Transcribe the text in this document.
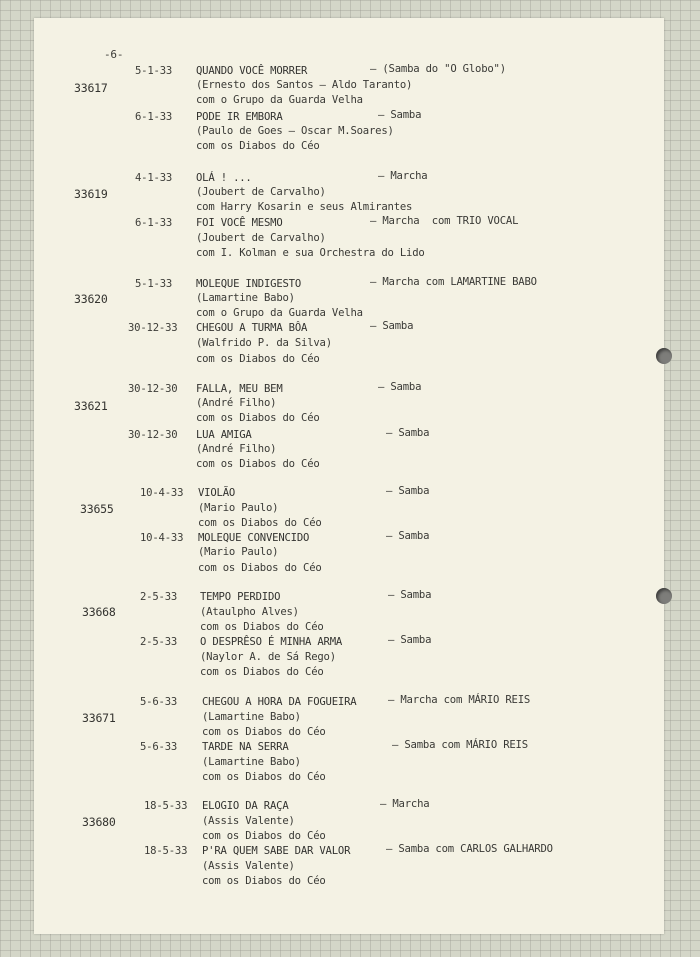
-6-
33617
5-1-33 QUANDO VOCÊ MORRER	– (Samba do "O Globo")
(Ernesto dos Santos – Aldo Taranto)
com o Grupo da Guarda Velha
6-1-33 PODE IR EMBORA	– Samba
(Paulo de Goes – Oscar M.Soares)
com os Diabos do Céo
33619
4-1-33 OLÁ ! ...	– Marcha
(Joubert de Carvalho)
com Harry Kosarin e seus Almirantes
6-1-33 FOI VOCÊ MESMO	– Marcha  com TRIO VOCAL
(Joubert de Carvalho)
com I. Kolman e sua Orchestra do Lido
33620
5-1-33 MOLEQUE INDIGESTO	– Marcha com LAMARTINE BABO
(Lamartine Babo)
com o Grupo da Guarda Velha
30-12-33 CHEGOU A TURMA BÔA	– Samba
(Walfrido P. da Silva)
com os Diabos do Céo
33621
30-12-30 FALLA, MEU BEM	– Samba
(André Filho)
com os Diabos do Céo
30-12-30 LUA AMIGA	– Samba
(André Filho)
com os Diabos do Céo
33655
10-4-33 VIOLÃO	– Samba
(Mario Paulo)
com os Diabos do Céo
10-4-33 MOLEQUE CONVENCIDO	– Samba
(Mario Paulo)
com os Diabos do Céo
33668
2-5-33 TEMPO PERDIDO	– Samba
(Ataulpho Alves)
com os Diabos do Céo
2-5-33 O DESPRÊSO É MINHA ARMA	– Samba
(Naylor A. de Sá Rego)
com os Diabos do Céo
33671
5-6-33 CHEGOU A HORA DA FOGUEIRA	– Marcha com MÁRIO REIS
(Lamartine Babo)
com os Diabos do Céo
5-6-33 TARDE NA SERRA	– Samba com MÁRIO REIS
(Lamartine Babo)
com os Diabos do Céo
33680
18-5-33 ELOGIO DA RAÇA	– Marcha
(Assis Valente)
com os Diabos do Céo
18-5-33 P'RA QUEM SABE DAR VALOR	– Samba com CARLOS GALHARDO
(Assis Valente)
com os Diabos do Céo
